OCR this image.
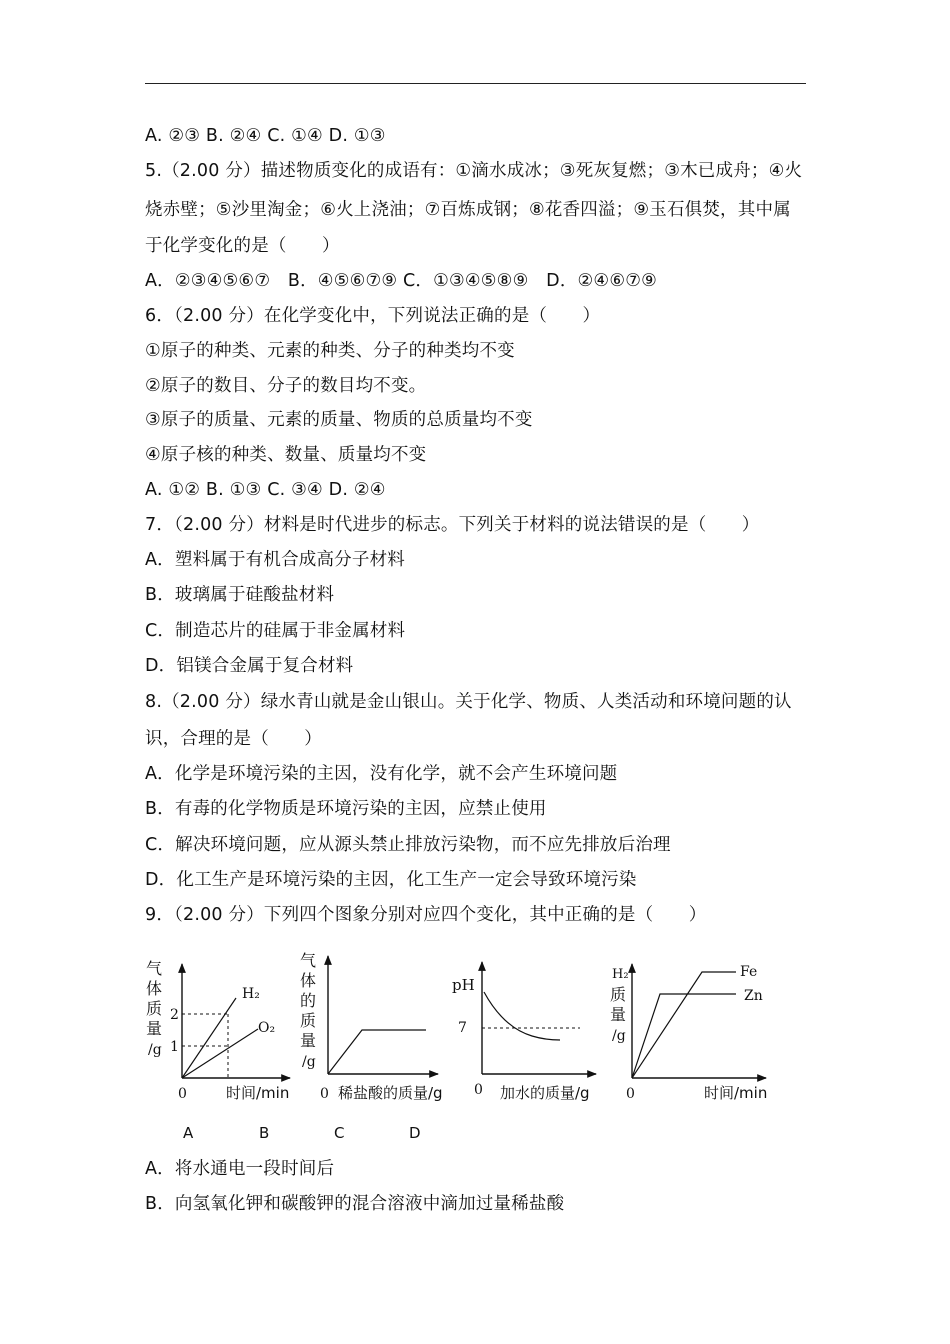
A. ②③ B. ②④ C. ①④ D. ①③
5.（2.00 分）描述物质变化的成语有：①滴水成冰；③死灰复燃；③木已成舟；④火
烧赤壁；⑤沙里淘金；⑥火上浇油；⑦百炼成钢；⑧花香四溢；⑨玉石俱焚，其中属
于化学变化的是（　　）
A．②③④⑤⑥⑦　B．④⑤⑥⑦⑨ C．①③④⑤⑧⑨　D．②④⑥⑦⑨
6．（2.00 分）在化学变化中，下列说法正确的是（　　）
①原子的种类、元素的种类、分子的种类均不变
②原子的数目、分子的数目均不变。
③原子的质量、元素的质量、物质的总质量均不变
④原子核的种类、数量、质量均不变
A. ①② B. ①③ C. ③④ D. ②④
7．（2.00 分）材料是时代进步的标志。下列关于材料的说法错误的是（　　）
A．塑料属于有机合成高分子材料
B．玻璃属于硅酸盐材料
C．制造芯片的硅属于非金属材料
D．铝镁合金属于复合材料
8.（2.00 分）绿水青山就是金山银山。关于化学、物质、人类活动和环境问题的认
识，合理的是（　　）
A．化学是环境污染的主因，没有化学，就不会产生环境问题
B．有毒的化学物质是环境污染的主因，应禁止使用
C．解决环境问题，应从源头禁止排放污染物，而不应先排放后治理
D．化工生产是环境污染的主因，化工生产一定会导致环境污染
9．（2.00 分）下列四个图象分别对应四个变化，其中正确的是（　　）
A．将水通电一段时间后
B．向氢氧化钾和碳酸钾的混合溶液中滴加过量稀盐酸
2
1
H₂
O₂
0	时间/min
气
体
质
量
/g
0 稀盐酸的质量/g
气
体
的
质
量
/g
7
0 加水的质量/g
pH
Fe
Zn
0	时间/min
H₂
质
量
/g
A	B	C	D
